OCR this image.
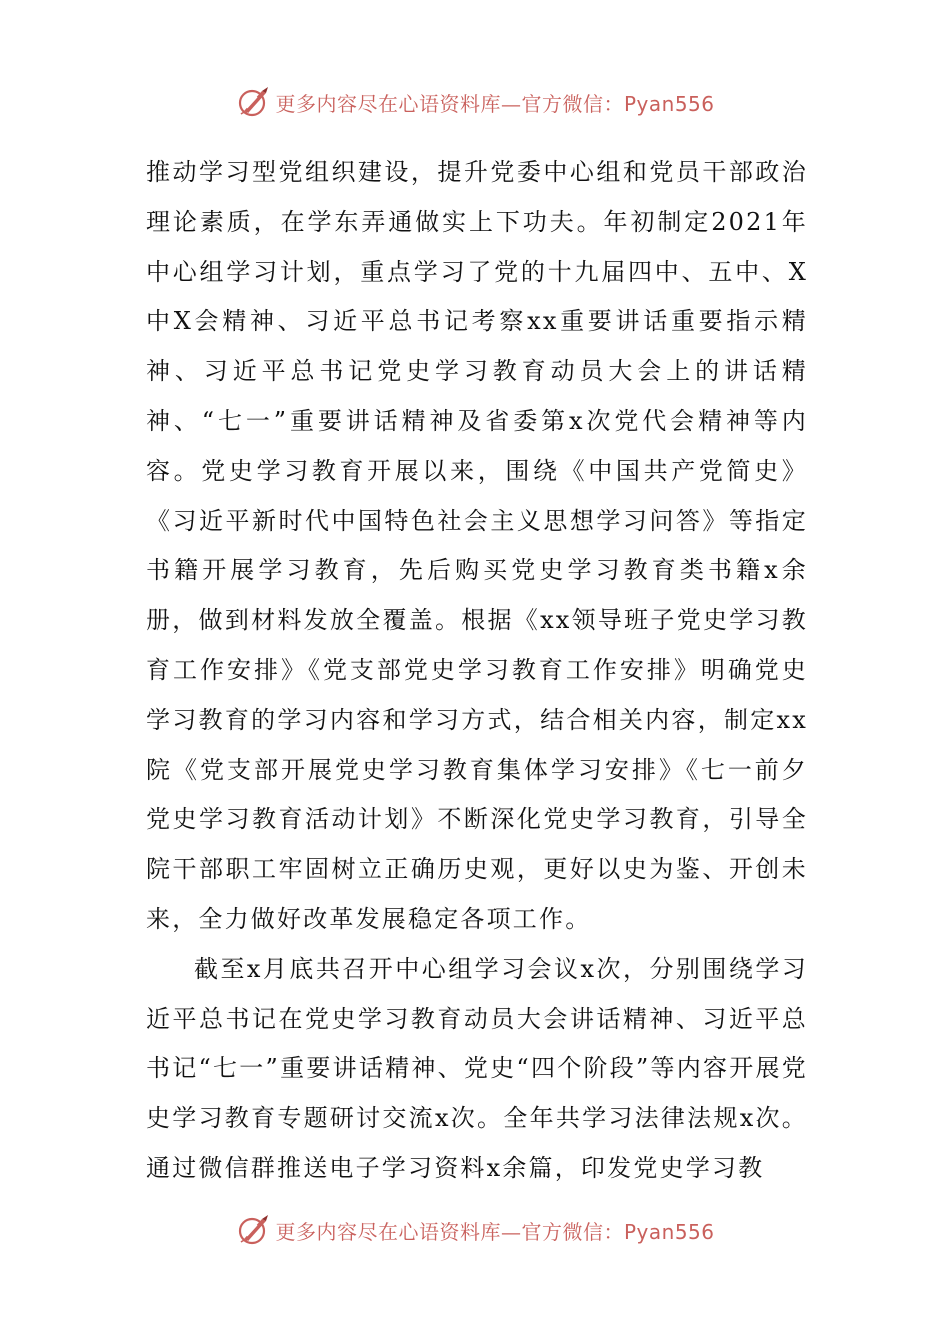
更多内容尽在心语资料库—官方微信：Pyan556

推动学习型党组织建设，提升党委中心组和党员干部政治理论素质，在学东弄通做实上下功夫。年初制定2021年中心组学习计划，重点学习了党的十九届四中、五中、X中X会精神、习近平总书记考察xx重要讲话重要指示精神、习近平总书记党史学习教育动员大会上的讲话精神、“七一”重要讲话精神及省委第x次党代会精神等内容。党史学习教育开展以来，围绕《中国共产党简史》《习近平新时代中国特色社会主义思想学习问答》等指定书籍开展学习教育，先后购买党史学习教育类书籍x余册，做到材料发放全覆盖。根据《xx领导班子党史学习教育工作安排》《党支部党史学习教育工作安排》明确党史学习教育的学习内容和学习方式，结合相关内容，制定xx院《党支部开展党史学习教育集体学习安排》《七一前夕党史学习教育活动计划》不断深化党史学习教育，引导全院干部职工牢固树立正确历史观，更好以史为鉴、开创未来，全力做好改革发展稳定各项工作。

截至x月底共召开中心组学习会议x次，分别围绕学习近平总书记在党史学习教育动员大会讲话精神、习近平总书记“七一”重要讲话精神、党史“四个阶段”等内容开展党史学习教育专题研讨交流x次。全年共学习法律法规x次。通过微信群推送电子学习资料x余篇，印发党史学习教

更多内容尽在心语资料库—官方微信：Pyan556
